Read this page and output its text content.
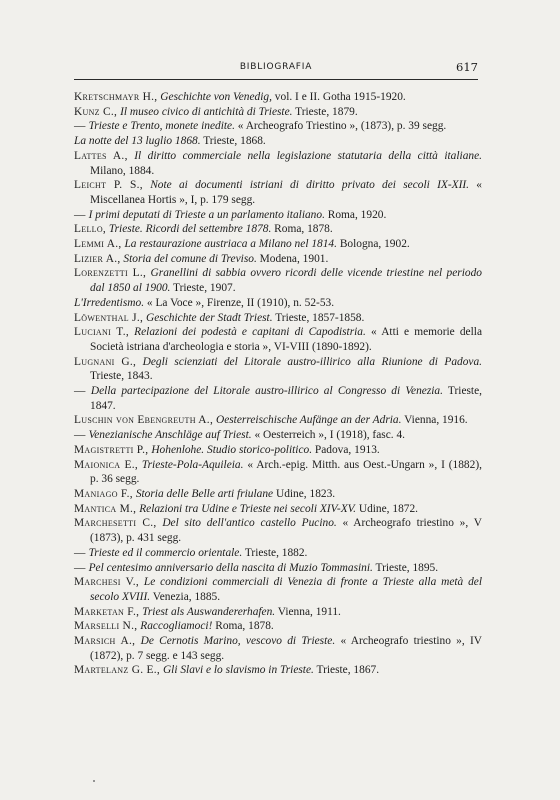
BIBLIOGRAFIA	617
Kretschmayr H., Geschichte von Venedig, vol. I e II. Gotha 1915-1920.
Kunz C., Il museo civico di antichità di Trieste. Trieste, 1879.
— Trieste e Trento, monete inedite. « Archeografo Triestino », (1873), p. 39 segg.
La notte del 13 luglio 1868. Trieste, 1868.
Lattes A., Il diritto commerciale nella legislazione statutaria della città italiane. Milano, 1884.
Leicht P. S., Note ai documenti istriani di diritto privato dei secoli IX-XII. « Miscellanea Hortis », I, p. 179 segg.
— I primi deputati di Trieste a un parlamento italiano. Roma, 1920.
Lello, Trieste. Ricordi del settembre 1878. Roma, 1878.
Lemmi A., La restaurazione austriaca a Milano nel 1814. Bologna, 1902.
Lizier A., Storia del comune di Treviso. Modena, 1901.
Lorenzetti L., Granellini di sabbia ovvero ricordi delle vicende triestine nel periodo dal 1850 al 1900. Trieste, 1907.
L'Irredentismo. « La Voce », Firenze, II (1910), n. 52-53.
Löwenthal J., Geschichte der Stadt Triest. Trieste, 1857-1858.
Luciani T., Relazioni dei podestà e capitani di Capodistria. « Atti e memorie della Società istriana d'archeologia e storia », VI-VIII (1890-1892).
Lugnani G., Degli scienziati del Litorale austro-illirico alla Riunione di Padova. Trieste, 1843.
— Della partecipazione del Litorale austro-illirico al Congresso di Venezia. Trieste, 1847.
Luschin von Ebengreuth A., Oesterreischische Aufänge an der Adria. Vienna, 1916.
— Venezianische Anschläge auf Triest. « Oesterreich », I (1918), fasc. 4.
Magistretti P., Hohenlohe. Studio storico-politico. Padova, 1913.
Maionica E., Trieste-Pola-Aquileia. « Arch.-epig. Mitth. aus Oest.-Ungarn », I (1882), p. 36 segg.
Maniago F., Storia delle Belle arti friulane Udine, 1823.
Mantica M., Relazioni tra Udine e Trieste nei secoli XIV-XV. Udine, 1872.
Marchesetti C., Del sito dell'antico castello Pucino. « Archeografo triestino », V (1873), p. 431 segg.
— Trieste ed il commercio orientale. Trieste, 1882.
— Pel centesimo anniversario della nascita di Muzio Tommasini. Trieste, 1895.
Marchesi V., Le condizioni commerciali di Venezia di fronte a Trieste alla metà del secolo XVIII. Venezia, 1885.
Marketan F., Triest als Auswandererhafen. Vienna, 1911.
Marselli N., Raccogliamoci! Roma, 1878.
Marsich A., De Cernotis Marino, vescovo di Trieste. « Archeografo triestino », IV (1872), p. 7 segg. e 143 segg.
Martelanz G. E., Gli Slavi e lo slavismo in Trieste. Trieste, 1867.
